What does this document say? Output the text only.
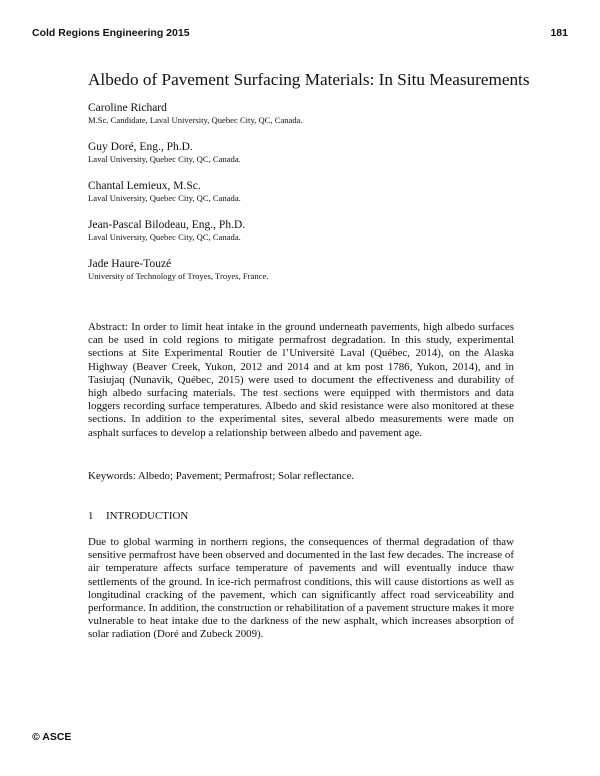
Cold Regions Engineering 2015	181
Albedo of Pavement Surfacing Materials: In Situ Measurements
Caroline Richard
M.Sc. Candidate, Laval University, Quebec City, QC, Canada.
Guy Doré, Eng., Ph.D.
Laval University, Quebec City, QC, Canada.
Chantal Lemieux, M.Sc.
Laval University, Quebec City, QC, Canada.
Jean-Pascal Bilodeau, Eng., Ph.D.
Laval University, Quebec City, QC, Canada.
Jade Haure-Touzé
University of Technology of Troyes, Troyes, France.

Abstract: In order to limit heat intake in the ground underneath pavements, high albedo surfaces can be used in cold regions to mitigate permafrost degradation. In this study, experimental sections at Site Experimental Routier de l’Université Laval (Québec, 2014), on the Alaska Highway (Beaver Creek, Yukon, 2012 and 2014 and at km post 1786, Yukon, 2014), and in Tasiujaq (Nunavik, Québec, 2015) were used to document the effectiveness and durability of high albedo surfacing materials. The test sections were equipped with thermistors and data loggers recording surface temperatures. Albedo and skid resistance were also monitored at these sections. In addition to the experimental sites, several albedo measurements were made on asphalt surfaces to develop a relationship between albedo and pavement age.

Keywords: Albedo; Pavement; Permafrost; Solar reflectance.
1 INTRODUCTION

Due to global warming in northern regions, the consequences of thermal degradation of thaw sensitive permafrost have been observed and documented in the last few decades. The increase of air temperature affects surface temperature of pavements and will eventually induce thaw settlements of the ground. In ice-rich permafrost conditions, this will cause distortions as well as longitudinal cracking of the pavement, which can significantly affect road serviceability and performance. In addition, the construction or rehabilitation of a pavement structure makes it more vulnerable to heat intake due to the darkness of the new asphalt, which increases absorption of solar radiation (Doré and Zubeck 2009).

© ASCE
